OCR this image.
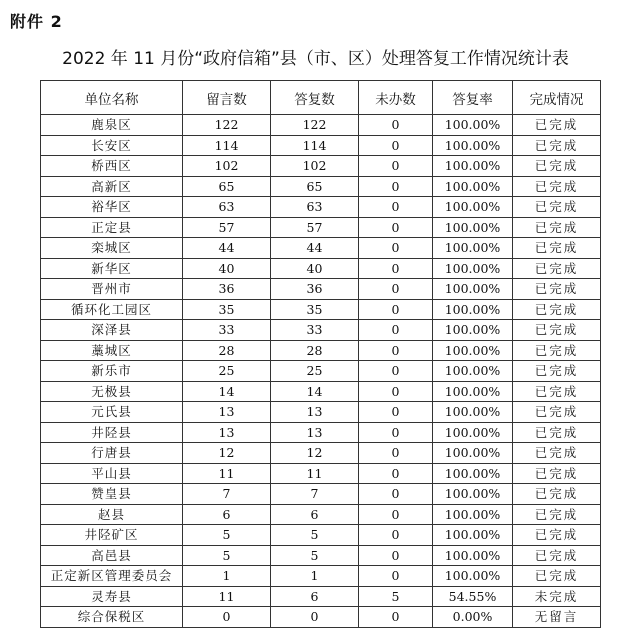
附件 2
2022 年 11 月份“政府信箱”县（市、区）处理答复工作情况统计表
单位名称	留言数	答复数	未办数	答复率	完成情况
鹿泉区	122	122	0	100.00%	已完成
长安区	114	114	0	100.00%	已完成
桥西区	102	102	0	100.00%	已完成
高新区	65	65	0	100.00%	已完成
裕华区	63	63	0	100.00%	已完成
正定县	57	57	0	100.00%	已完成
栾城区	44	44	0	100.00%	已完成
新华区	40	40	0	100.00%	已完成
晋州市	36	36	0	100.00%	已完成
循环化工园区	35	35	0	100.00%	已完成
深泽县	33	33	0	100.00%	已完成
藁城区	28	28	0	100.00%	已完成
新乐市	25	25	0	100.00%	已完成
无极县	14	14	0	100.00%	已完成
元氏县	13	13	0	100.00%	已完成
井陉县	13	13	0	100.00%	已完成
行唐县	12	12	0	100.00%	已完成
平山县	11	11	0	100.00%	已完成
赞皇县	7	7	0	100.00%	已完成
赵县	6	6	0	100.00%	已完成
井陉矿区	5	5	0	100.00%	已完成
高邑县	5	5	0	100.00%	已完成
正定新区管理委员会	1	1	0	100.00%	已完成
灵寿县	11	6	5	54.55%	未完成
综合保税区	0	0	0	0.00%	无留言
